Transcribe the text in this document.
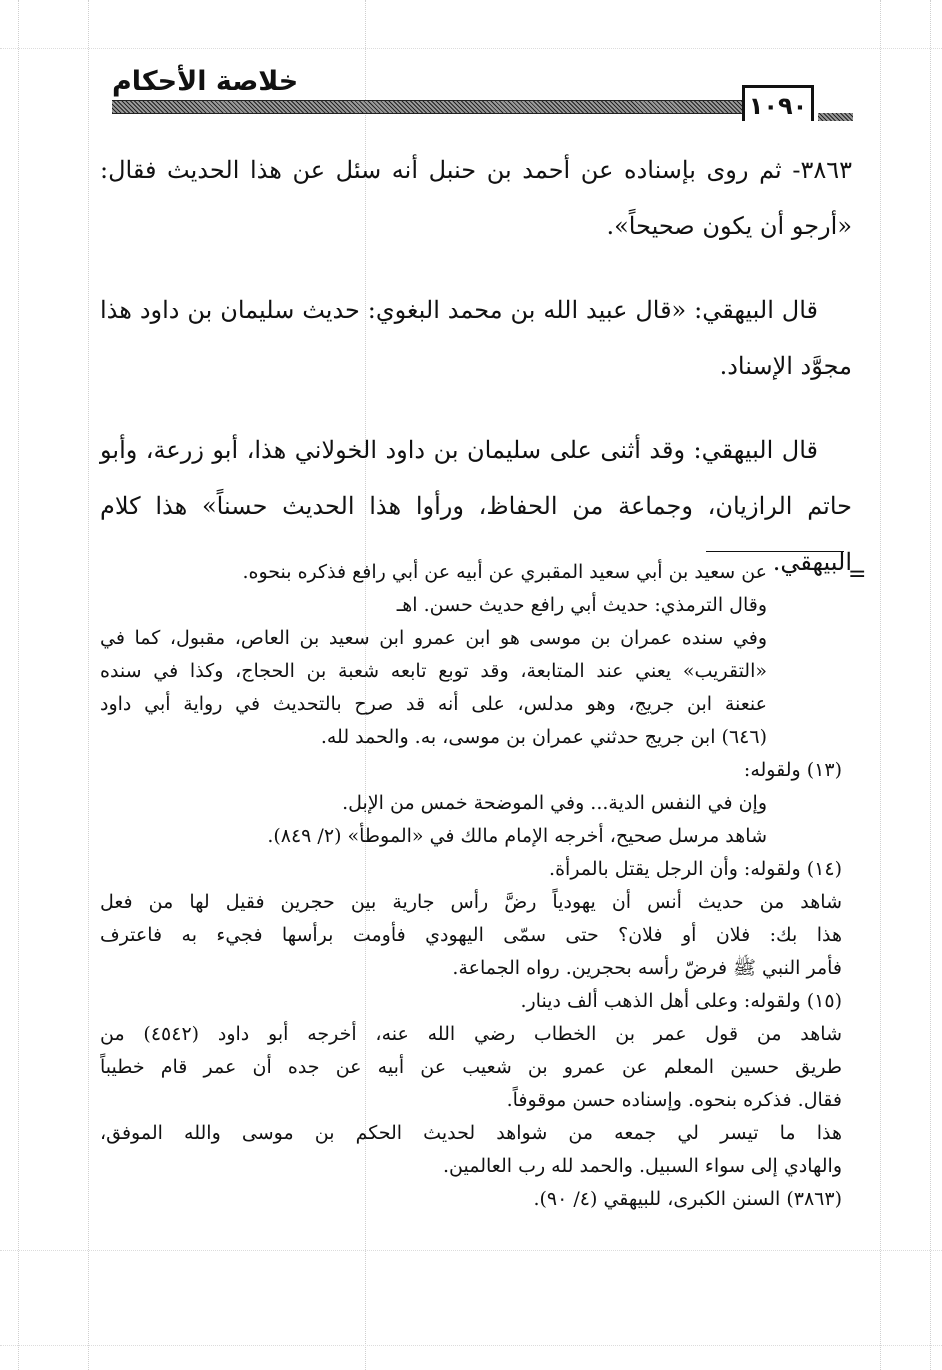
خلاصة الأحكام
١٠٩٠

٣٨٦٣- ثم روى بإسناده عن أحمد بن حنبل أنه سئل عن هذا الحديث فقال: «أرجو أن يكون صحيحاً».

قال البيهقي: «قال عبيد الله بن محمد البغوي: حديث سليمان بن داود هذا مجوَّد الإسناد.

قال البيهقي: وقد أثنى على سليمان بن داود الخولاني هذا، أبو زرعة، وأبو حاتم الرازيان، وجماعة من الحفاظ، ورأوا هذا الحديث حسناً» هذا كلام البيهقي.

=
عن سعيد بن أبي سعيد المقبري عن أبيه عن أبي رافع فذكره بنحوه.
وقال الترمذي: حديث أبي رافع حديث حسن. اهـ
وفي سنده عمران بن موسى هو ابن عمرو ابن سعيد بن العاص، مقبول، كما في
«التقريب» يعني عند المتابعة، وقد توبع تابعه شعبة بن الحجاج، وكذا في سنده
عنعنة ابن جريج، وهو مدلس، على أنه قد صرح بالتحديث في رواية أبي داود
(٦٤٦) ابن جريج حدثني عمران بن موسى، به. والحمد لله.
(١٣) ولقوله:
وإن في النفس الدية... وفي الموضحة خمس من الإبل.
شاهد مرسل صحيح، أخرجه الإمام مالك في «الموطأ» (٢/ ٨٤٩).
(١٤) ولقوله: وأن الرجل يقتل بالمرأة.
شاهد من حديث أنس أن يهودياً رضَّ رأس جارية بين حجرين فقيل لها من فعل
هذا بك: فلان أو فلان؟ حتى سمّى اليهودي فأومت برأسها فجيء به فاعترف
فأمر النبي ﷺ فرضّ رأسه بحجرين. رواه الجماعة.
(١٥) ولقوله: وعلى أهل الذهب ألف دينار.
شاهد من قول عمر بن الخطاب رضي الله عنه، أخرجه أبو داود (٤٥٤٢) من
طريق حسين المعلم عن عمرو بن شعيب عن أبيه عن جده أن عمر قام خطيباً
فقال. فذكره بنحوه. وإسناده حسن موقوفاً.
هذا ما تيسر لي جمعه من شواهد لحديث الحكم بن موسى والله الموفق،
والهادي إلى سواء السبيل. والحمد لله رب العالمين.
(٣٨٦٣) السنن الكبرى، للبيهقي (٤/ ٩٠).
